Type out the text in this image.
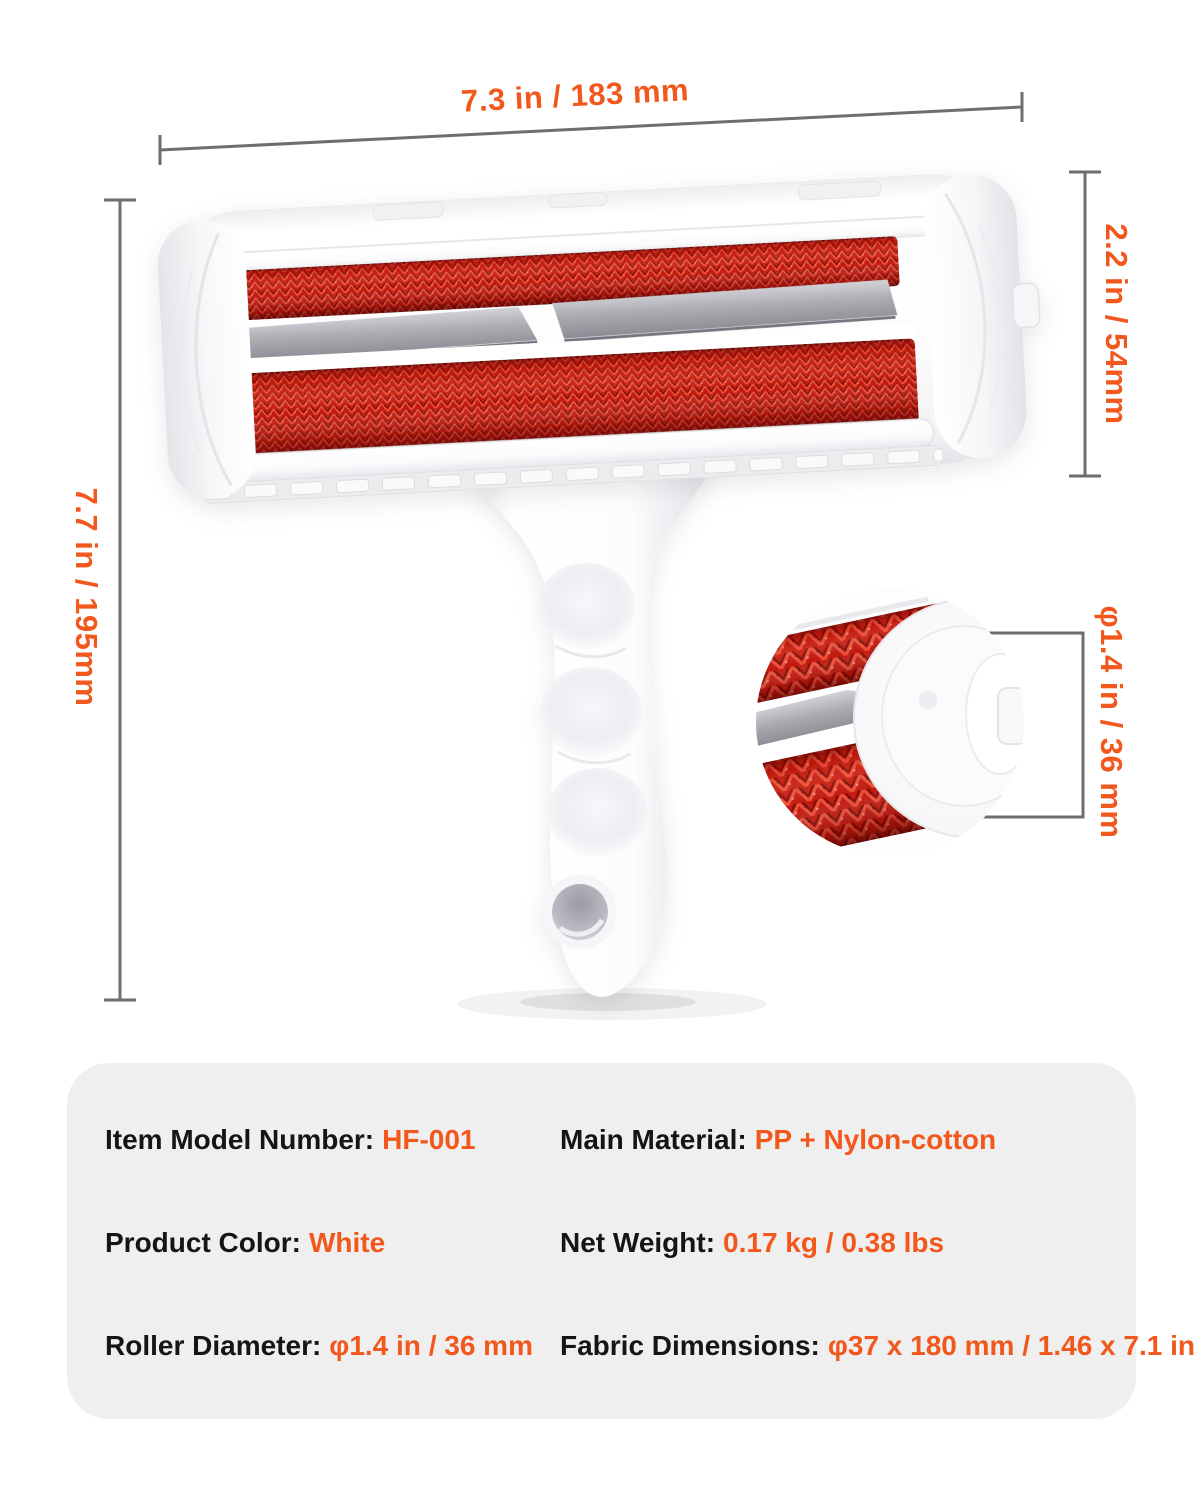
7.3 in / 183 mm
7.7 in / 195mm
2.2 in / 54mm
φ1.4 in / 36 mm
Item Model Number: HF-001	Main Material: PP + Nylon-cotton
Product Color: White	Net Weight: 0.17 kg / 0.38 lbs
Roller Diameter: φ1.4 in / 36 mm Fabric Dimensions: φ37 x 180 mm / 1.46 x 7.1 in
